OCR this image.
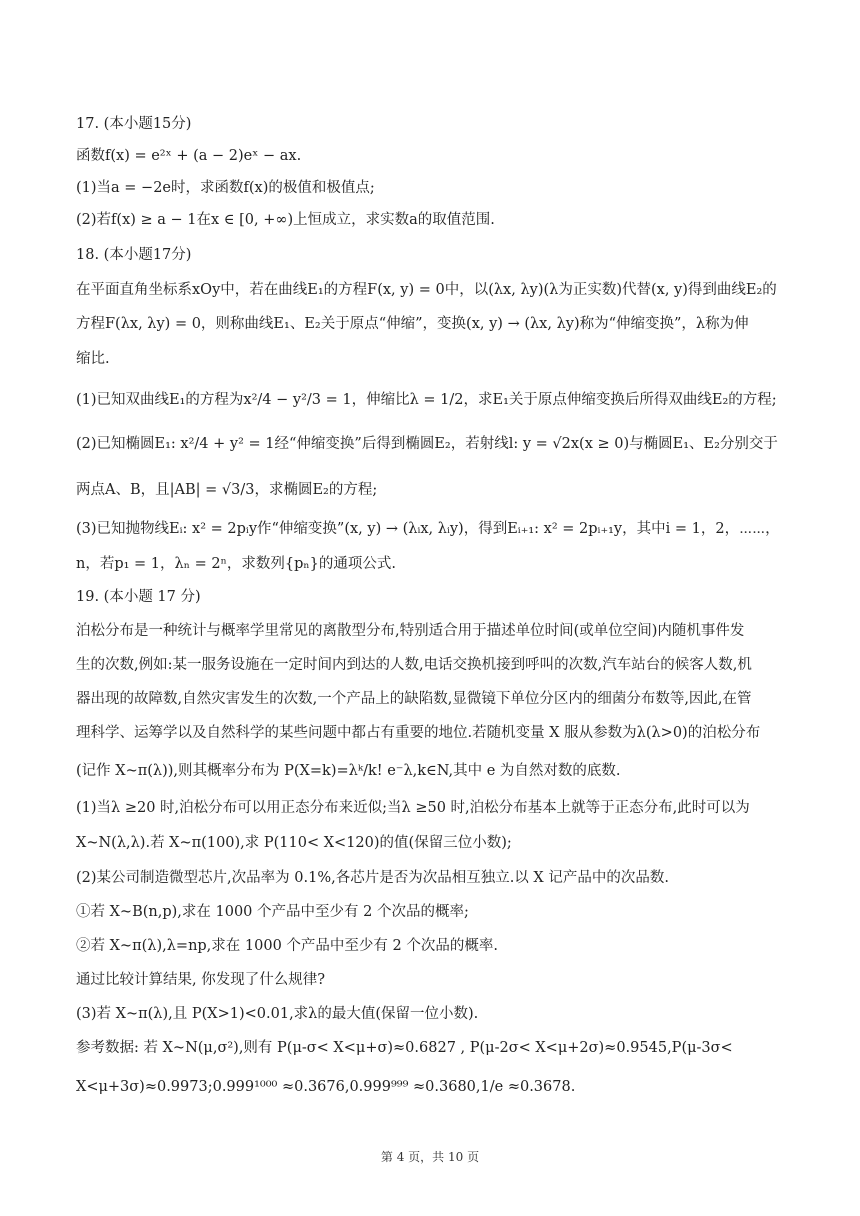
17. (本小题15分)
函数f(x) = e²ˣ + (a − 2)eˣ − ax.
(1)当a = −2e时，求函数f(x)的极值和极值点;
(2)若f(x) ≥ a − 1在x ∈ [0, +∞)上恒成立，求实数a的取值范围.
18. (本小题17分)
在平面直角坐标系xOy中，若在曲线E₁的方程F(x, y) = 0中，以(λx, λy)(λ为正实数)代替(x, y)得到曲线E₂的
方程F(λx, λy) = 0，则称曲线E₁、E₂关于原点“伸缩”，变换(x, y) → (λx, λy)称为“伸缩变换”，λ称为伸
缩比.
(1)已知双曲线E₁的方程为x²/4 − y²/3 = 1，伸缩比λ = 1/2，求E₁关于原点伸缩变换后所得双曲线E₂的方程;
(2)已知椭圆E₁: x²/4 + y² = 1经“伸缩变换”后得到椭圆E₂，若射线l: y = √2x(x ≥ 0)与椭圆E₁、E₂分别交于
两点A、B，且|AB| = √3/3，求椭圆E₂的方程;
(3)已知抛物线Eᵢ: x² = 2pᵢy作“伸缩变换”(x, y) → (λᵢx, λᵢy)，得到Eᵢ₊₁: x² = 2pᵢ₊₁y，其中i = 1，2，⋯⋯，
n，若p₁ = 1，λₙ = 2ⁿ，求数列{pₙ}的通项公式.
19. (本小题 17 分)
泊松分布是一种统计与概率学里常见的离散型分布,特别适合用于描述单位时间(或单位空间)内随机事件发
生的次数,例如:某一服务设施在一定时间内到达的人数,电话交换机接到呼叫的次数,汽车站台的候客人数,机
器出现的故障数,自然灾害发生的次数,一个产品上的缺陷数,显微镜下单位分区内的细菌分布数等,因此,在管
理科学、运筹学以及自然科学的某些问题中都占有重要的地位.若随机变量 X 服从参数为λ(λ>0)的泊松分布
(记作 X~π(λ)),则其概率分布为 P(X=k)=λᵏ/k! e⁻λ,k∈N,其中 e 为自然对数的底数.
(1)当λ ≥20 时,泊松分布可以用正态分布来近似;当λ ≥50 时,泊松分布基本上就等于正态分布,此时可以为
X~N(λ,λ).若 X~π(100),求 P(110< X<120)的值(保留三位小数);
(2)某公司制造微型芯片,次品率为 0.1%,各芯片是否为次品相互独立.以 X 记产品中的次品数.
①若 X~B(n,p),求在 1000 个产品中至少有 2 个次品的概率;
②若 X~π(λ),λ=np,求在 1000 个产品中至少有 2 个次品的概率.
通过比较计算结果, 你发现了什么规律?
(3)若 X~π(λ),且 P(X>1)<0.01,求λ的最大值(保留一位小数).
参考数据: 若 X~N(μ,σ²),则有 P(μ-σ< X<μ+σ)≈0.6827 , P(μ-2σ< X<μ+2σ)≈0.9545,P(μ-3σ<
X<μ+3σ)≈0.9973;0.999¹⁰⁰⁰ ≈0.3676,0.999⁹⁹⁹ ≈0.3680,1/e ≈0.3678.
第 4 页，共 10 页
